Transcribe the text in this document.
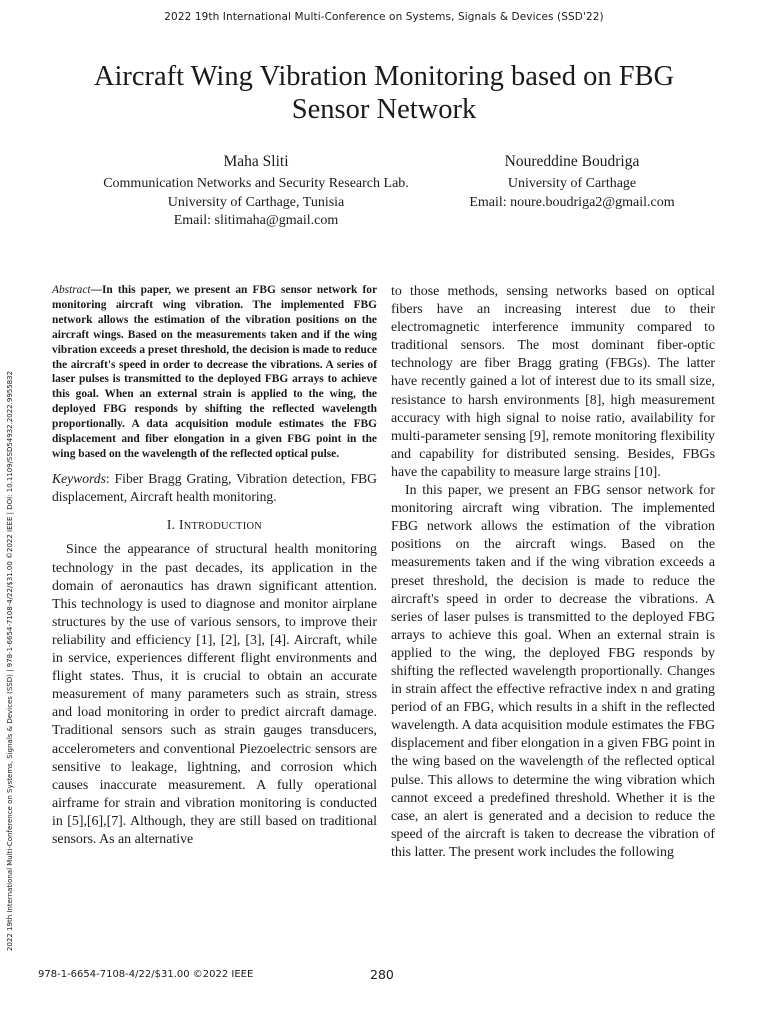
2022 19th International Multi-Conference on Systems, Signals & Devices (SSD'22)
Aircraft Wing Vibration Monitoring based on FBG
Sensor Network
Maha Sliti
Communication Networks and Security Research Lab.
University of Carthage, Tunisia
Email: slitimaha@gmail.com
Noureddine Boudriga
University of Carthage
Email: noure.boudriga2@gmail.com
2022 19th International Multi-Conference on Systems, Signals & Devices (SSD) | 978-1-6654-7108-4/22/$31.00 ©2022 IEEE | DOI: 10.1109/SSD54932.2022.9955832

Abstract—In this paper, we present an FBG sensor network for monitoring aircraft wing vibration. The implemented FBG network allows the estimation of the vibration positions on the aircraft wings. Based on the measurements taken and if the wing vibration exceeds a preset threshold, the decision is made to reduce the aircraft's speed in order to decrease the vibrations. A series of laser pulses is transmitted to the deployed FBG arrays to achieve this goal. When an external strain is applied to the wing, the deployed FBG responds by shifting the reflected wavelength proportionally. A data acquisition module estimates the FBG displacement and fiber elongation in a given FBG point in the wing based on the wavelength of the reflected optical pulse.

Keywords: Fiber Bragg Grating, Vibration detection, FBG displacement, Aircraft health monitoring.

I. INTRODUCTION

Since the appearance of structural health monitoring technology in the past decades, its application in the domain of aeronautics has drawn significant attention. This technology is used to diagnose and monitor airplane structures by the use of various sensors, to improve their reliability and efficiency [1], [2], [3], [4]. Aircraft, while in service, experiences different flight environments and flight states. Thus, it is crucial to obtain an accurate measurement of many parameters such as strain, stress and load monitoring in order to predict aircraft damage. Traditional sensors such as strain gauges transducers, accelerometers and conventional Piezoelectric sensors are sensitive to leakage, lightning, and corrosion which causes inaccurate measurement. A fully operational airframe for strain and vibration monitoring is conducted in [5],[6],[7]. Although, they are still based on traditional sensors. As an alternative

to those methods, sensing networks based on optical fibers have an increasing interest due to their electromagnetic interference immunity compared to traditional sensors. The most dominant fiber-optic technology are fiber Bragg grating (FBGs). The latter have recently gained a lot of interest due to its small size, resistance to harsh environments [8], high measurement accuracy with high signal to noise ratio, availability for multi-parameter sensing [9], remote monitoring flexibility and capability for distributed sensing. Besides, FBGs have the capability to measure large strains [10].

In this paper, we present an FBG sensor network for monitoring aircraft wing vibration. The implemented FBG network allows the estimation of the vibration positions on the aircraft wings. Based on the measurements taken and if the wing vibration exceeds a preset threshold, the decision is made to reduce the aircraft's speed in order to decrease the vibrations. A series of laser pulses is transmitted to the deployed FBG arrays to achieve this goal. When an external strain is applied to the wing, the deployed FBG responds by shifting the reflected wavelength proportionally. Changes in strain affect the effective refractive index n and grating period of an FBG, which results in a shift in the reflected wavelength. A data acquisition module estimates the FBG displacement and fiber elongation in a given FBG point in the wing based on the wavelength of the reflected optical pulse. This allows to determine the wing vibration which cannot exceed a predefined threshold. Whether it is the case, an alert is generated and a decision to reduce the speed of the aircraft is taken to decrease the vibration of this latter. The present work includes the following

978-1-6654-7108-4/22/$31.00 ©2022 IEEE	280
